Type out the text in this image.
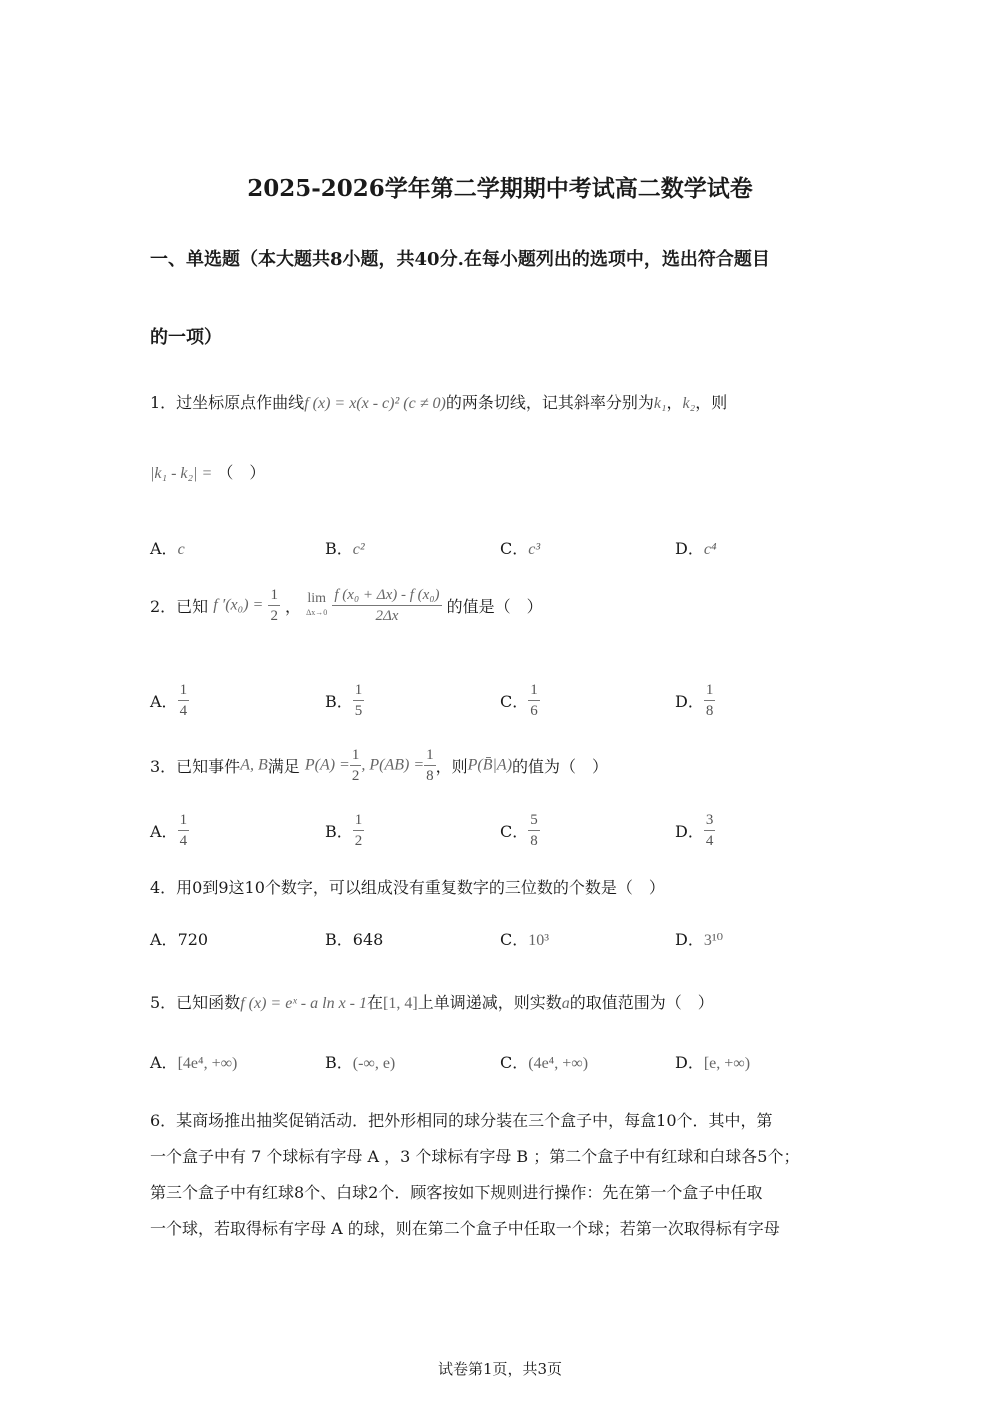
2025-2026学年第二学期期中考试高二数学试卷
一、单选题（本大题共8小题，共40分.在每小题列出的选项中，选出符合题目
的一项）
1．过坐标原点作曲线f (x) = x(x - c)² (c ≠ 0)的两条切线，记其斜率分别为k₁，k₂，则
|k₁ - k₂| = （　）
A．c	B．c²	C．c³	D．c⁴
2．已知 f $'(x_0) = \frac{1}{2}$ ， lim
Δx→0
$\frac{\text{f (x₀ + Δx) - f (x₀)}}{2\Delta x}$ 的值是（　）
A． $\frac{1}{4}$	B． $\frac{1}{5}$	C． $\frac{1}{6}$	D． $\frac{1}{8}$
3．已知事件A, B满足 $P(A) = \frac{1}{2}$ , $P(AB) = \frac{1}{8}$ ，则P(B̄|A)的值为（　）
A． $\frac{1}{4}$	B． $\frac{1}{2}$	C． $\frac{5}{8}$	D． $\frac{3}{4}$
4．用0到9这10个数字，可以组成没有重复数字的三位数的个数是（　）
A．720	B．648	C．10³	D．3¹⁰
5．已知函数f (x) = eˣ - a ln x - 1在[1, 4]上单调递减，则实数a的取值范围为（　）
A．[4e⁴, +∞)	B．(-∞, e)	C．(4e⁴, +∞)	D．[e, +∞)
6．某商场推出抽奖促销活动．把外形相同的球分装在三个盒子中，每盒10个．其中，第
一个盒子中有 7 个球标有字母 A ，3 个球标有字母 B ；第二个盒子中有红球和白球各5个；
第三个盒子中有红球8个、白球2个．顾客按如下规则进行操作：先在第一个盒子中任取
一个球，若取得标有字母 A 的球，则在第二个盒子中任取一个球；若第一次取得标有字母
试卷第1页，共3页
